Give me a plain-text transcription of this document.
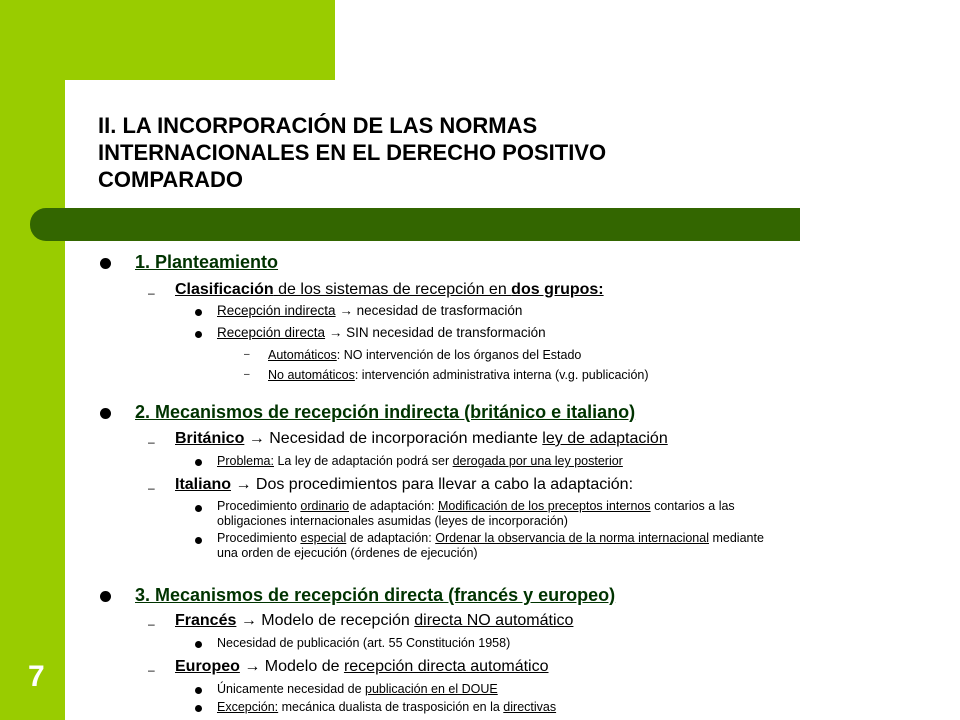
II. LA INCORPORACIÓN DE LAS NORMAS
INTERNACIONALES EN EL DERECHO POSITIVO
COMPARADO
7
1. Planteamiento
– Clasificación de los sistemas de recepción en dos grupos:
Recepción indirecta → necesidad de trasformación
Recepción directa → SIN necesidad de transformación
– Automáticos: NO intervención de los órganos del Estado
– No automáticos: intervención administrativa interna (v.g. publicación)
2. Mecanismos de recepción indirecta (británico e italiano)
– Británico → Necesidad de incorporación mediante ley de adaptación
Problema: La ley de adaptación podrá ser derogada por una ley posterior
– Italiano → Dos procedimientos para llevar a cabo la adaptación:
Procedimiento ordinario de adaptación: Modificación de los preceptos internos contarios a las
obligaciones internacionales asumidas (leyes de incorporación)
Procedimiento especial de adaptación: Ordenar la observancia de la norma internacional mediante
una orden de ejecución (órdenes de ejecución)
3. Mecanismos de recepción directa (francés y europeo)
– Francés → Modelo de recepción directa NO automático
Necesidad de publicación (art. 55 Constitución 1958)
– Europeo → Modelo de recepción directa automático
Únicamente necesidad de publicación en el DOUE
Excepción: mecánica dualista de trasposición en la directivas
